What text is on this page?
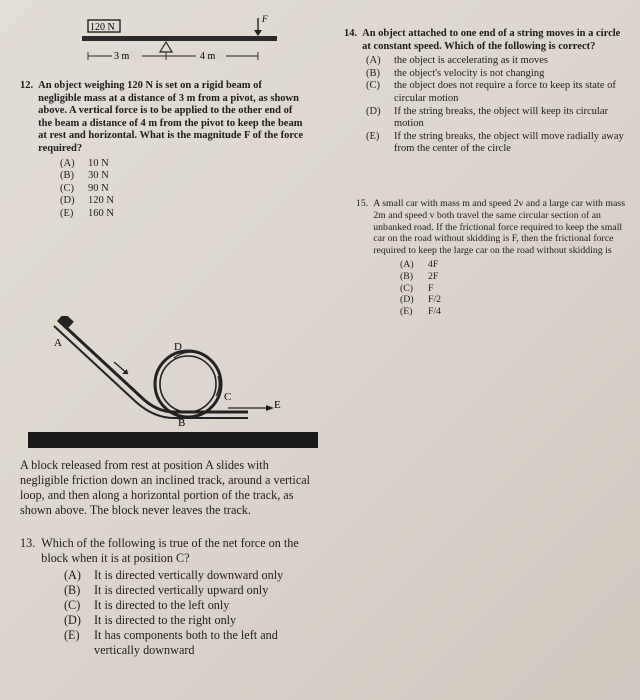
120 N
F
3 m	4 m
12. An object weighing 120 N is set on a rigid beam of negligible mass at a distance of 3 m from a pivot, as shown above. A vertical force is to be applied to the other end of the beam a distance of 4 m from the pivot to keep the beam at rest and horizontal. What is the magnitude F of the force required?
(A)	10 N
(B)	30 N
(C)	90 N
(D)	120 N
(E)	160 N
A
B
C
D
E
A block released from rest at position A slides with negligible friction down an inclined track, around a vertical loop, and then along a horizontal portion of the track, as shown above. The block never leaves the track.
13. Which of the following is true of the net force on the block when it is at position C?
(A)	It is directed vertically downward only
(B)	It is directed vertically upward only
(C)	It is directed to the left only
(D)	It is directed to the right only
(E)	It has components both to the left and vertically downward
14. An object attached to one end of a string moves in a circle at constant speed. Which of the following is correct?
(A)	the object is accelerating as it moves
(B)	the object's velocity is not changing
(C)	the object does not require a force to keep its state of circular motion
(D)	If the string breaks, the object will keep its circular motion
(E)	If the string breaks, the object will move radially away from the center of the circle
15. A small car with mass m and speed 2v and a large car with mass 2m and speed v both travel the same circular section of an unbanked road. If the frictional force required to keep the small car on the road without skidding is F, then the frictional force required to keep the large car on the road without skidding is
(A)	4F
(B)	2F
(C)	F
(D)	F/2
(E)	F/4
